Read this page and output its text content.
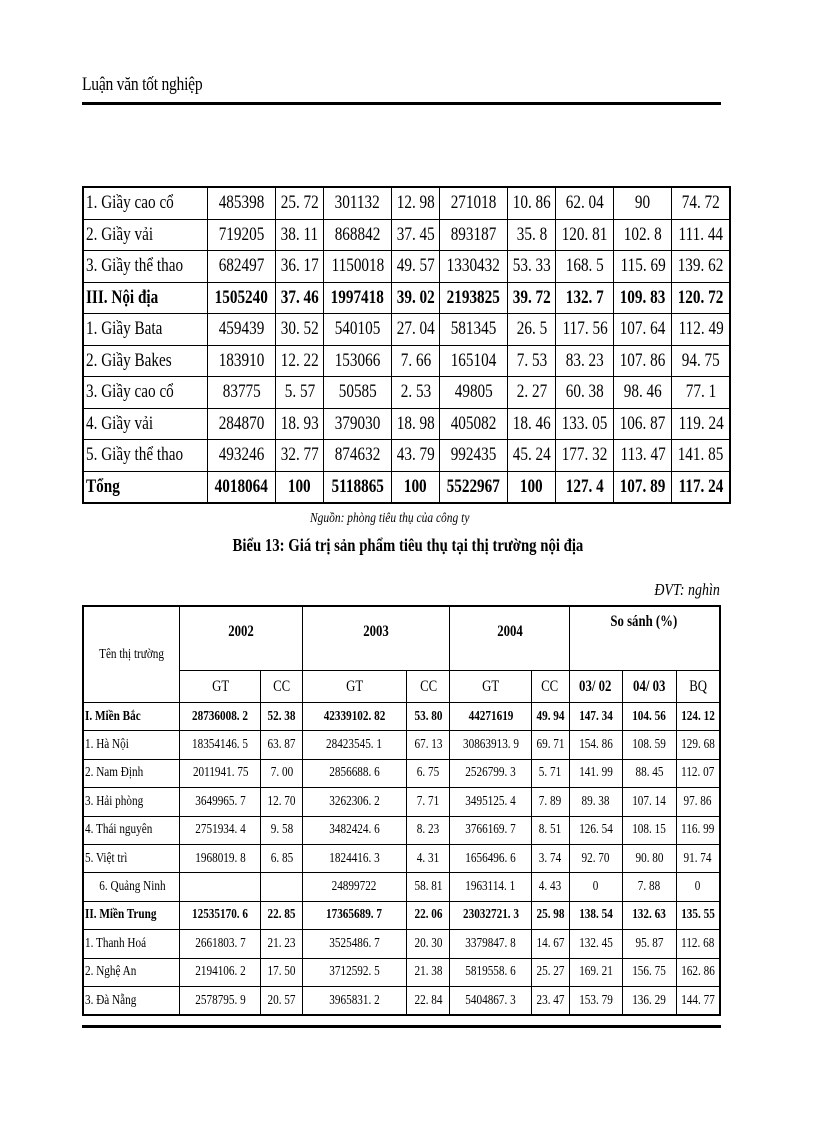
Luận văn tốt nghiệp
1. Giầy cao cổ	485398	25. 72	301132	12. 98	271018	10. 86	62. 04	90	74. 72
2. Giầy vải	719205	38. 11	868842	37. 45	893187	35. 8	120. 81	102. 8	111. 44
3. Giầy thể thao	682497	36. 17	1150018	49. 57	1330432	53. 33	168. 5	115. 69	139. 62
III. Nội địa	1505240	37. 46	1997418	39. 02	2193825	39. 72	132. 7	109. 83	120. 72
1. Giầy Bata	459439	30. 52	540105	27. 04	581345	26. 5	117. 56	107. 64	112. 49
2. Giầy Bakes	183910	12. 22	153066	7. 66	165104	7. 53	83. 23	107. 86	94. 75
3. Giầy cao cổ	83775	5. 57	50585	2. 53	49805	2. 27	60. 38	98. 46	77. 1
4. Giầy vải	284870	18. 93	379030	18. 98	405082	18. 46	133. 05	106. 87	119. 24
5. Giầy thể thao	493246	32. 77	874632	43. 79	992435	45. 24	177. 32	113. 47	141. 85
Tổng	4018064	100	5118865	100	5522967	100	127. 4	107. 89	117. 24
Nguồn: phòng tiêu thụ của công ty
Biểu 13: Giá trị sản phẩm tiêu thụ tại thị trường nội địa
ĐVT: nghìn
Tên thị trường	2002		2003		2004		So sánh (%)		
	GT	CC	GT	CC	GT	CC	03/ 02	04/ 03	BQ
I. Miền Bắc	28736008. 2	52. 38	42339102. 82	53. 80	44271619	49. 94	147. 34	104. 56	124. 12
1. Hà Nội	18354146. 5	63. 87	28423545. 1	67. 13	30863913. 9	69. 71	154. 86	108. 59	129. 68
2. Nam Định	2011941. 75	7. 00	2856688. 6	6. 75	2526799. 3	5. 71	141. 99	88. 45	112. 07
3. Hải phòng	3649965. 7	12. 70	3262306. 2	7. 71	3495125. 4	7. 89	89. 38	107. 14	97. 86
4. Thái nguyên	2751934. 4	9. 58	3482424. 6	8. 23	3766169. 7	8. 51	126. 54	108. 15	116. 99
5. Việt trì	1968019. 8	6. 85	1824416. 3	4. 31	1656496. 6	3. 74	92. 70	90. 80	91. 74
6. Quảng Ninh			24899722	58. 81	1963114. 1	4. 43	0	7. 88	0
II. Miền Trung	12535170. 6	22. 85	17365689. 7	22. 06	23032721. 3	25. 98	138. 54	132. 63	135. 55
1. Thanh Hoá	2661803. 7	21. 23	3525486. 7	20. 30	3379847. 8	14. 67	132. 45	95. 87	112. 68
2. Nghệ An	2194106. 2	17. 50	3712592. 5	21. 38	5819558. 6	25. 27	169. 21	156. 75	162. 86
3. Đà Nẵng	2578795. 9	20. 57	3965831. 2	22. 84	5404867. 3	23. 47	153. 79	136. 29	144. 77
